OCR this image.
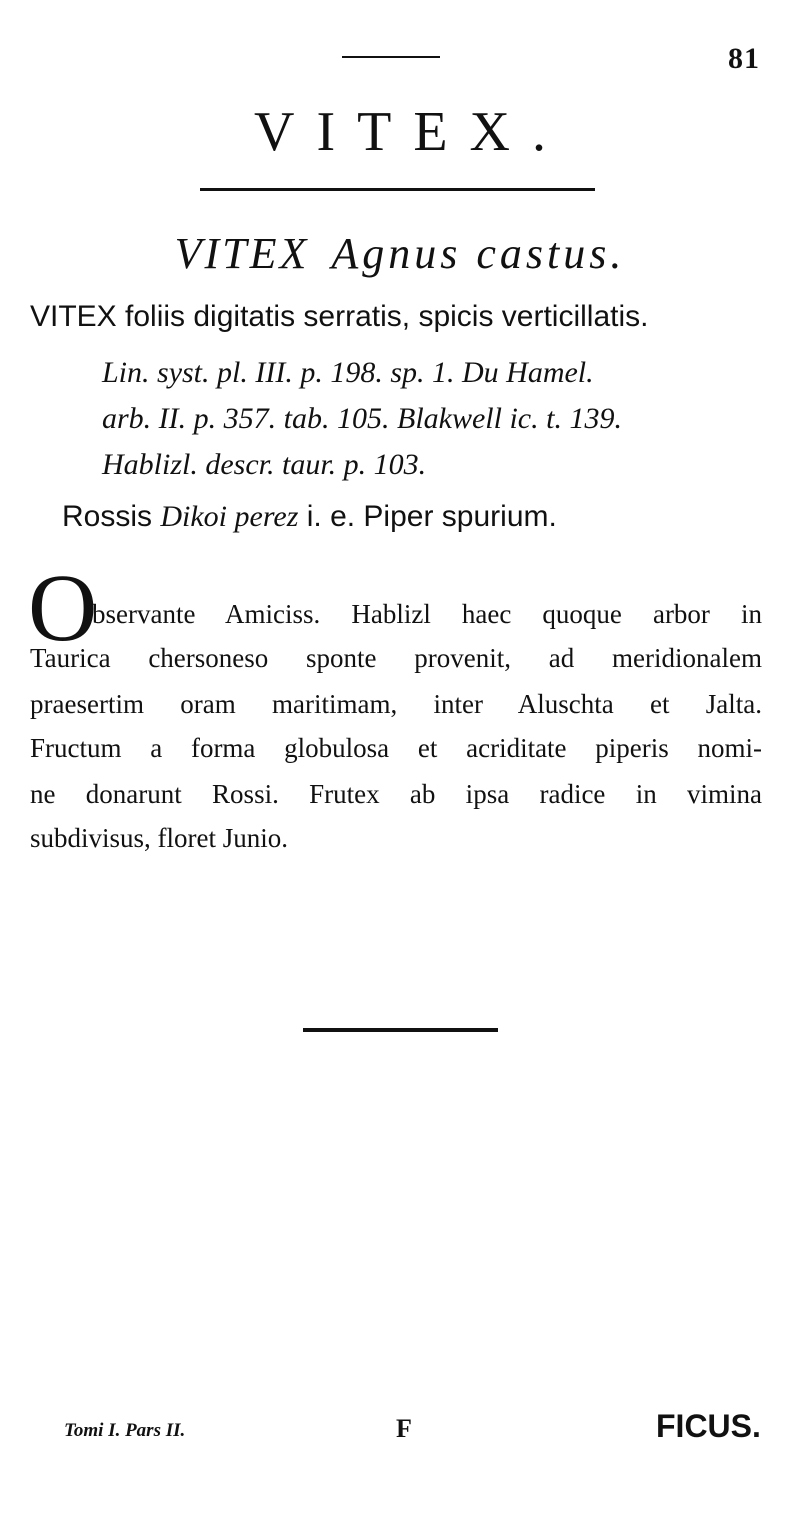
81
VITEX.
VITEX Agnus castus.
VITEX foliis digitatis serratis, spicis verticillatis.
Lin. syst. pl. III. p. 198. sp. 1. Du Hamel.
arb. II. p. 357. tab. 105. Blakwell ic. t. 139.
Hablizl. descr. taur. p. 103.
Rossis Dikoi perez i. e. Piper spurium.
O
bservante Amiciss. Hablizl haec quoque arbor in
Taurica chersoneso sponte provenit, ad meridionalem
praesertim oram maritimam, inter Aluschta et Jalta.
Fructum a forma globulosa et acriditate piperis nomi-
ne donarunt Rossi. Frutex ab ipsa radice in vimina
subdivisus, floret Junio.
Tomi I. Pars II.	F	FICUS.
